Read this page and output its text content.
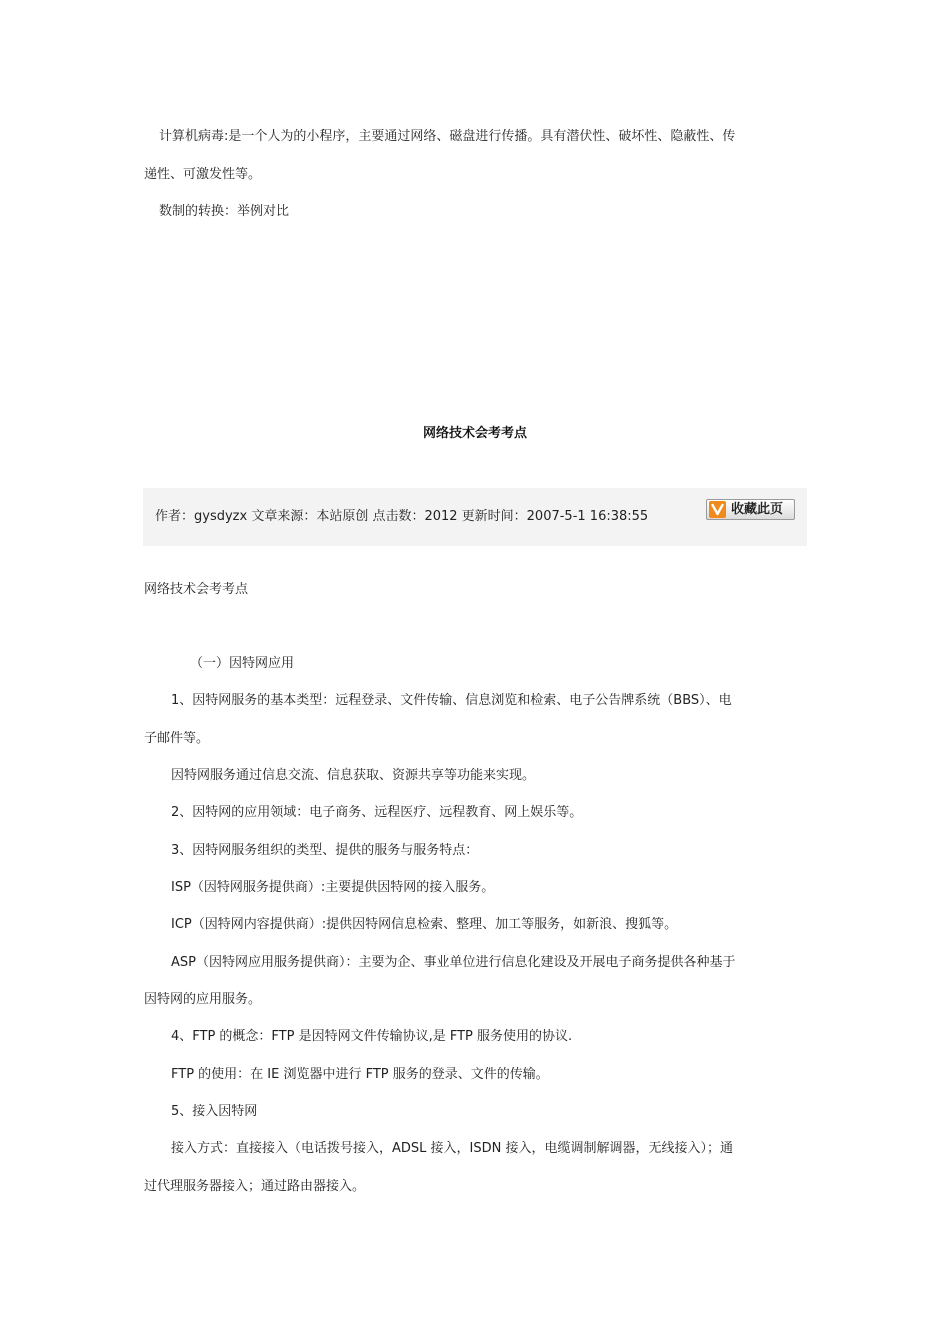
计算机病毒:是一个人为的小程序，主要通过网络、磁盘进行传播。具有潜伏性、破坏性、隐蔽性、传
递性、可激发性等。
数制的转换：举例对比
网络技术会考考点
作者：gysdyzx 文章来源：本站原创 点击数：2012 更新时间：2007-5-1 16:38:55	收藏此页
网络技术会考考点
（一）因特网应用
1、因特网服务的基本类型：远程登录、文件传输、信息浏览和检索、电子公告牌系统（BBS）、电
子邮件等。
因特网服务通过信息交流、信息获取、资源共享等功能来实现。
2、因特网的应用领域：电子商务、远程医疗、远程教育、网上娱乐等。
3、因特网服务组织的类型、提供的服务与服务特点：
ISP（因特网服务提供商）:主要提供因特网的接入服务。
ICP（因特网内容提供商）:提供因特网信息检索、整理、加工等服务，如新浪、搜狐等。
ASP（因特网应用服务提供商）：主要为企、事业单位进行信息化建设及开展电子商务提供各种基于
因特网的应用服务。
4、FTP 的概念：FTP 是因特网文件传输协议,是 FTP 服务使用的协议.
FTP 的使用：在 IE 浏览器中进行 FTP 服务的登录、文件的传输。
5、接入因特网
接入方式：直接接入（电话拨号接入，ADSL 接入，ISDN 接入，电缆调制解调器，无线接入）；通
过代理服务器接入；通过路由器接入。
